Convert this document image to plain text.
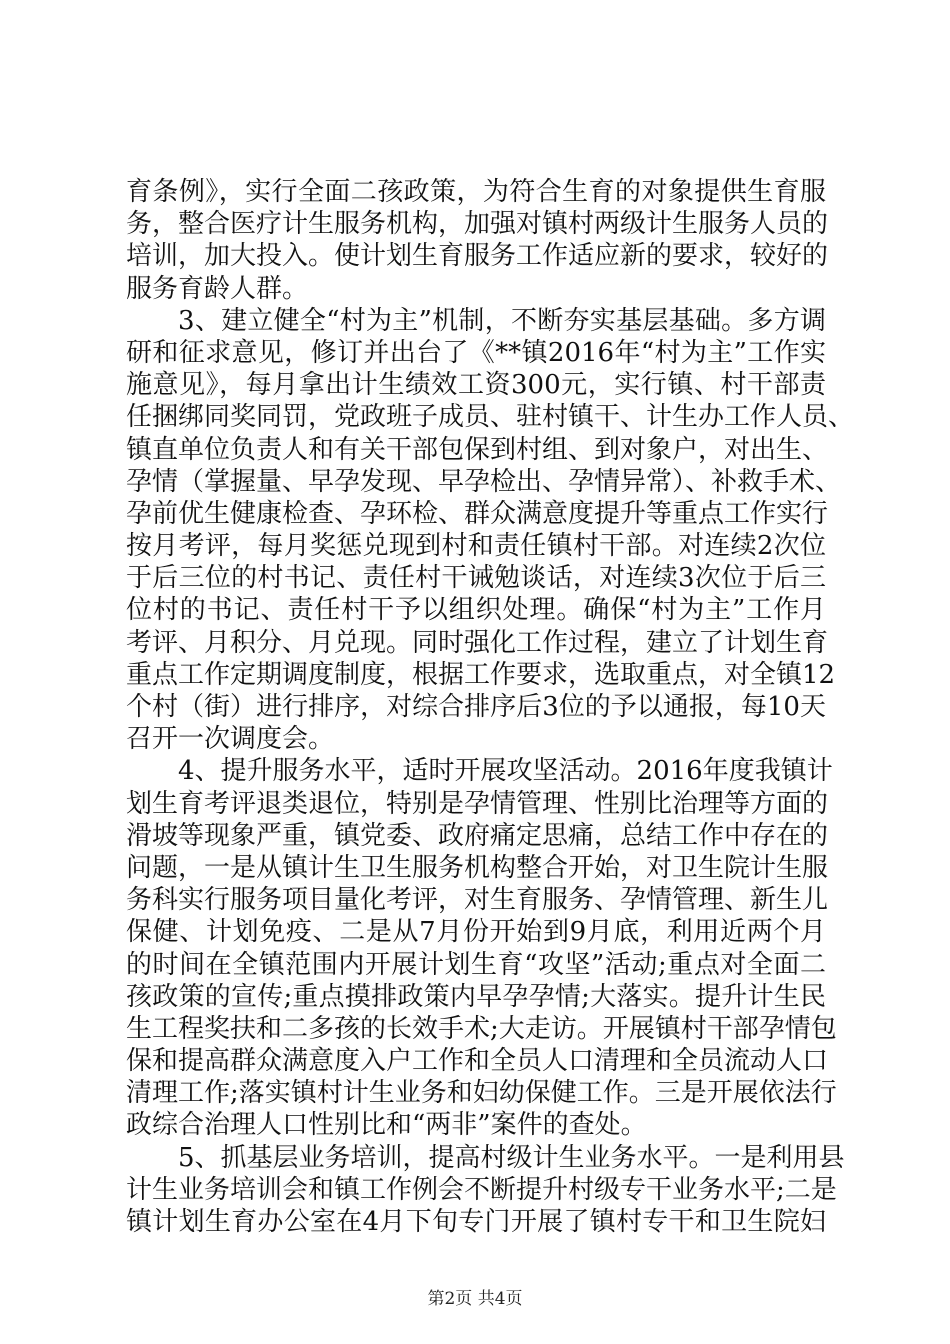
育条例》，实行全面二孩政策，为符合生育的对象提供生育服
务，整合医疗计生服务机构，加强对镇村两级计生服务人员的
培训，加大投入。使计划生育服务工作适应新的要求，较好的
服务育龄人群。
3、建立健全“村为主”机制，不断夯实基层基础。多方调
研和征求意见，修订并出台了《**镇2016年“村为主”工作实
施意见》，每月拿出计生绩效工资300元，实行镇、村干部责
任捆绑同奖同罚，党政班子成员、驻村镇干、计生办工作人员、
镇直单位负责人和有关干部包保到村组、到对象户，对出生、
孕情（掌握量、早孕发现、早孕检出、孕情异常）、补救手术、
孕前优生健康检查、孕环检、群众满意度提升等重点工作实行
按月考评，每月奖惩兑现到村和责任镇村干部。对连续2次位
于后三位的村书记、责任村干诫勉谈话，对连续3次位于后三
位村的书记、责任村干予以组织处理。确保“村为主”工作月
考评、月积分、月兑现。同时强化工作过程，建立了计划生育
重点工作定期调度制度，根据工作要求，选取重点，对全镇12
个村（街）进行排序，对综合排序后3位的予以通报，每10天
召开一次调度会。
4、提升服务水平，适时开展攻坚活动。2016年度我镇计
划生育考评退类退位，特别是孕情管理、性别比治理等方面的
滑坡等现象严重，镇党委、政府痛定思痛，总结工作中存在的
问题，一是从镇计生卫生服务机构整合开始，对卫生院计生服
务科实行服务项目量化考评，对生育服务、孕情管理、新生儿
保健、计划免疫、二是从7月份开始到9月底，利用近两个月
的时间在全镇范围内开展计划生育“攻坚”活动;重点对全面二
孩政策的宣传;重点摸排政策内早孕孕情;大落实。提升计生民
生工程奖扶和二多孩的长效手术;大走访。开展镇村干部孕情包
保和提高群众满意度入户工作和全员人口清理和全员流动人口
清理工作;落实镇村计生业务和妇幼保健工作。三是开展依法行
政综合治理人口性别比和“两非”案件的查处。
5、抓基层业务培训，提高村级计生业务水平。一是利用县
计生业务培训会和镇工作例会不断提升村级专干业务水平;二是
镇计划生育办公室在4月下旬专门开展了镇村专干和卫生院妇
第2页 共4页
